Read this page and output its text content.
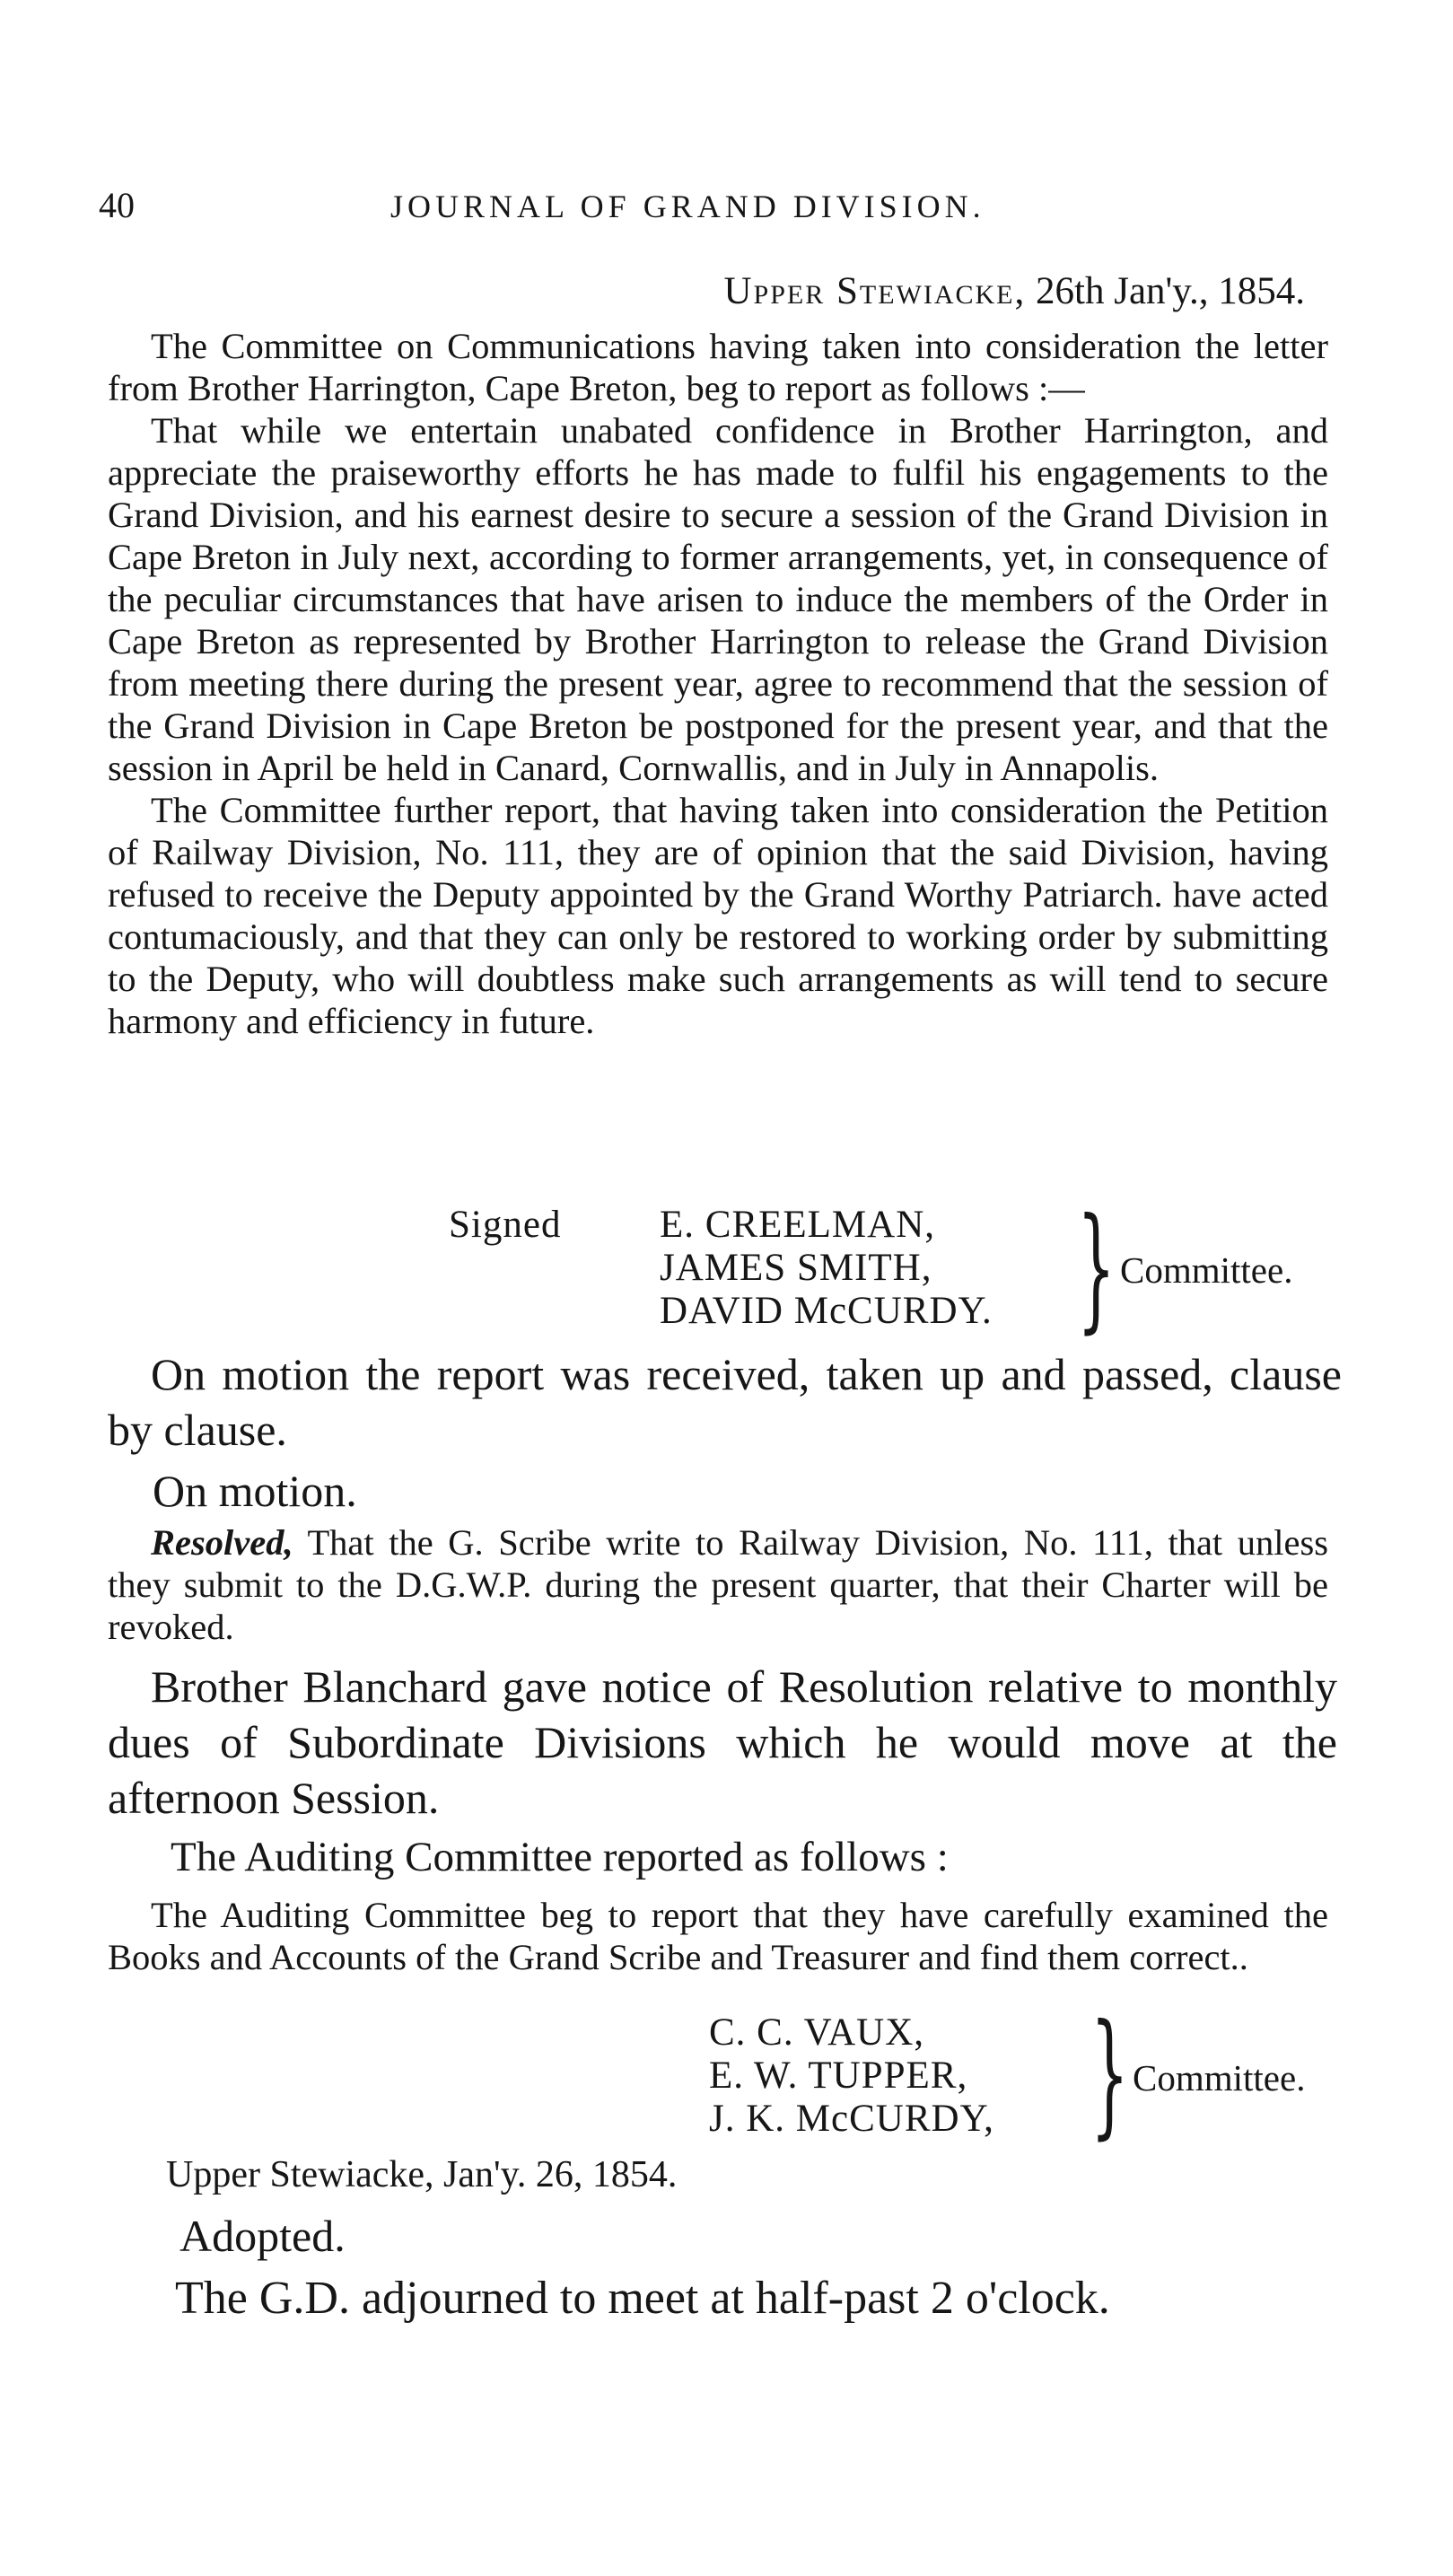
40	JOURNAL OF GRAND DIVISION.
Upper Stewiacke, 26th Jan'y., 1854.

The Committee on Communications having taken into consideration the letter from Brother Harrington, Cape Breton, beg to report as follows :—

That while we entertain unabated confidence in Brother Harrington, and appreciate the praiseworthy efforts he has made to fulfil his engagements to the Grand Division, and his earnest desire to secure a session of the Grand Division in Cape Breton in July next, according to former arrangements, yet, in consequence of the peculiar circumstances that have arisen to induce the members of the Order in Cape Breton as represented by Brother Harrington to release the Grand Division from meeting there during the present year, agree to recommend that the session of the Grand Division in Cape Breton be postponed for the present year, and that the session in April be held in Canard, Cornwallis, and in July in Annapolis.

The Committee further report, that having taken into consideration the Petition of Railway Division, No. 111, they are of opinion that the said Division, having refused to receive the Deputy appointed by the Grand Worthy Patriarch. have acted contumaciously, and that they can only be restored to working order by submitting to the Deputy, who will doubtless make such arrangements as will tend to secure harmony and efficiency in future.

Signed	E. CREELMAN,
JAMES SMITH,
DAVID McCURDY. } Committee.

On motion the report was received, taken up and passed, clause by clause.

On motion.

Resolved, That the G. Scribe write to Railway Division, No. 111, that unless they submit to the D.G.W.P. during the present quarter, that their Charter will be revoked.

Brother Blanchard gave notice of Resolution relative to monthly dues of Subordinate Divisions which he would move at the afternoon Session.

The Auditing Committee reported as follows :

The Auditing Committee beg to report that they have carefully examined the Books and Accounts of the Grand Scribe and Treasurer and find them correct..

C. C. VAUX,
E. W. TUPPER,
J. K. McCURDY, } Committee.
Upper Stewiacke, Jan'y. 26, 1854.
Adopted.
The G.D. adjourned to meet at half-past 2 o'clock.
